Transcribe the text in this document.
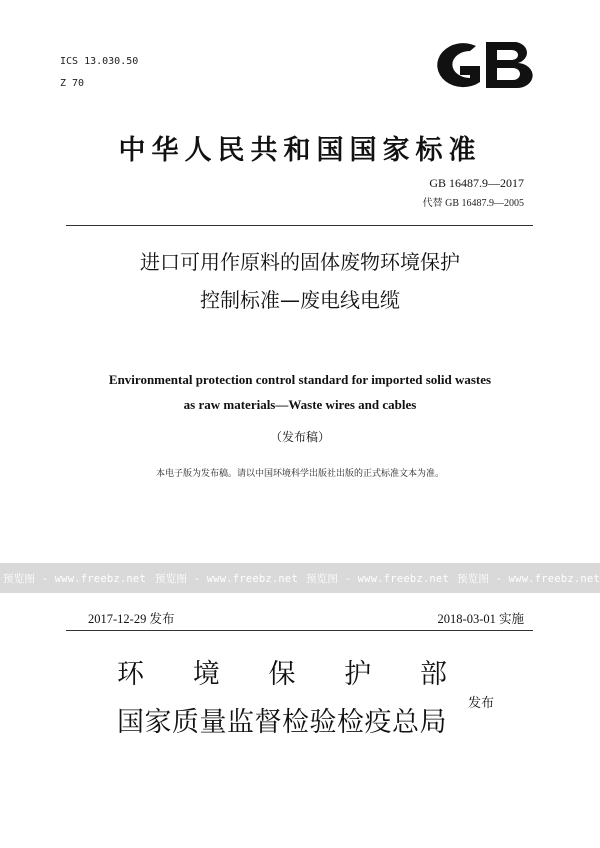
ICS 13.030.50
Z 70
中华人民共和国国家标准
GB 16487.9—2017
代替 GB 16487.9—2005
进口可用作原料的固体废物环境保护
控制标准—废电线电缆
Environmental protection control standard for imported solid wastes
as raw materials—Waste wires and cables
（发布稿）
本电子版为发布稿。请以中国环境科学出版社出版的正式标准文本为准。
预览图 - www.freebz.net 预览图 - www.freebz.net 预览图 - www.freebz.net 预览图 - www.freebz.net
2017-12-29 发布	2018-03-01 实施
环 境 保 护 部
国家质量监督检验检疫总局
发布
